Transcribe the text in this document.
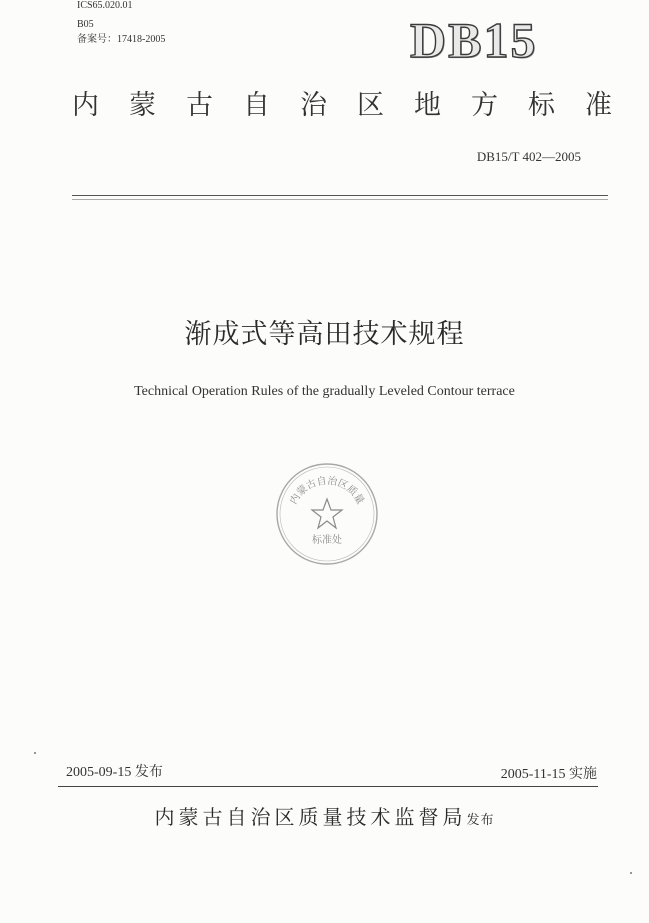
ICS65.020.01
B05
备案号：17418-2005	DB15
内 蒙 古 自 治 区 地 方 标 准
DB15/T 402—2005
渐成式等高田技术规程
Technical Operation Rules of the gradually Leveled Contour terrace
内蒙古自治区质量
标准处
2005-09-15 发布	2005-11-15 实施
内蒙古自治区质量技术监督局发布
